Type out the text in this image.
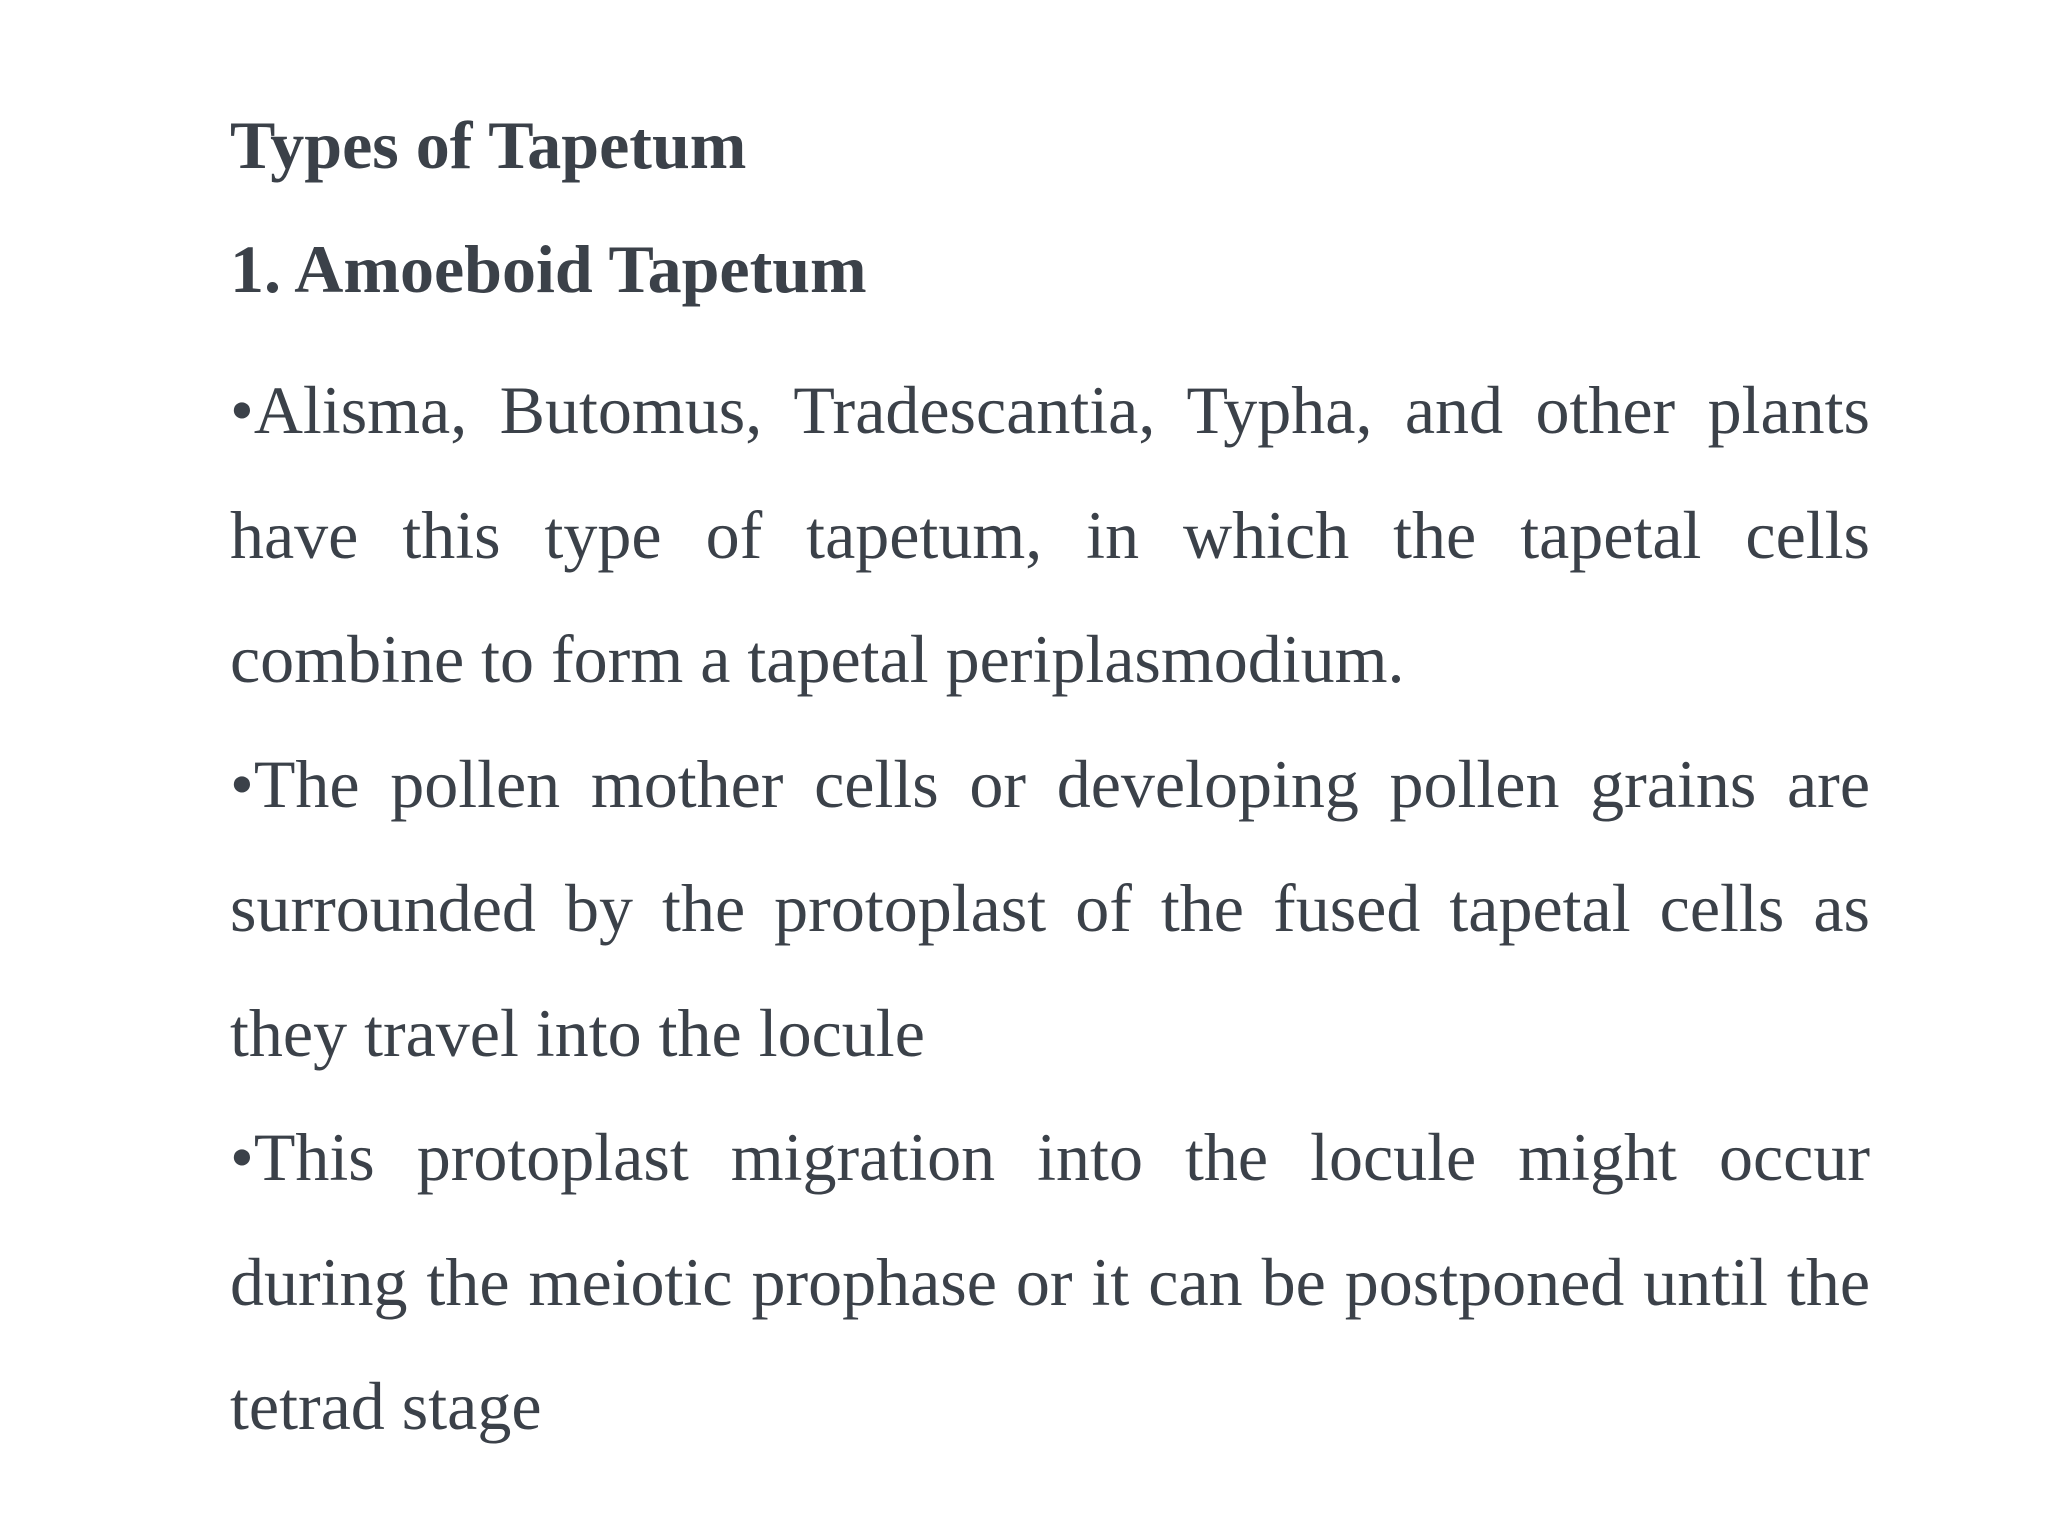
Types of Tapetum
1. Amoeboid Tapetum

•Alisma, Butomus, Tradescantia, Typha, and other plants have this type of tapetum, in which the tapetal cells combine to form a tapetal periplasmodium.

•The pollen mother cells or developing pollen grains are surrounded by the protoplast of the fused tapetal cells as they travel into the locule

•This protoplast migration into the locule might occur during the meiotic prophase or it can be postponed until the tetrad stage
